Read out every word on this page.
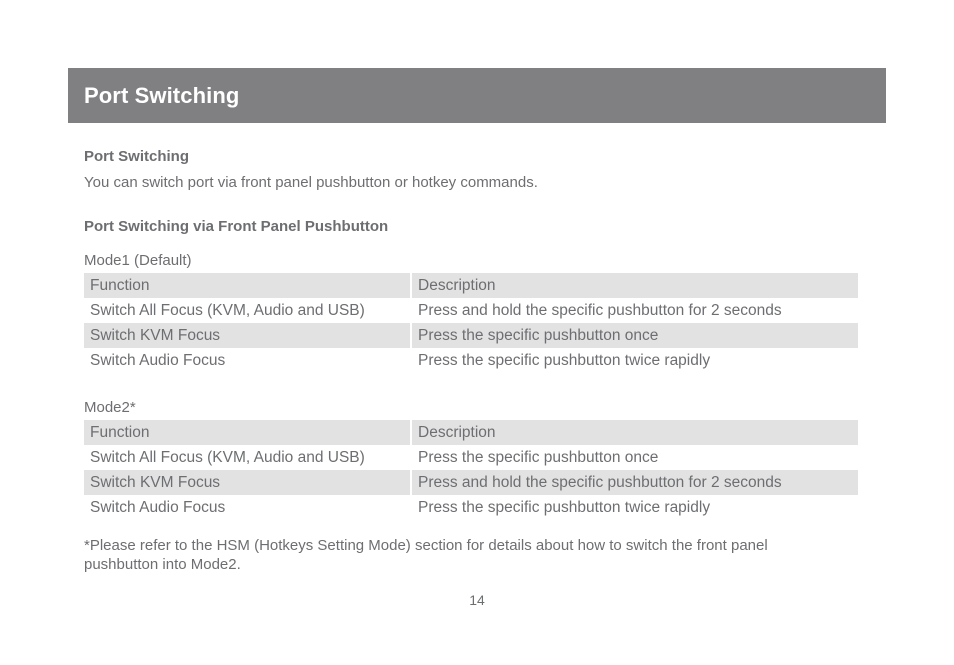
Port Switching
Port Switching
You can switch port via front panel pushbutton or hotkey commands.
Port Switching via Front Panel Pushbutton
Mode1 (Default)
Function	Description
Switch All Focus (KVM, Audio and USB)	Press and hold the specific pushbutton for 2 seconds
Switch KVM Focus	Press the specific pushbutton once
Switch Audio Focus	Press the specific pushbutton twice rapidly
Mode2*
Function	Description
Switch All Focus (KVM, Audio and USB)	Press the specific pushbutton once
Switch KVM Focus	Press and hold the specific pushbutton for 2 seconds
Switch Audio Focus	Press the specific pushbutton twice rapidly
*Please refer to the HSM (Hotkeys Setting Mode) section for details about how to switch the front panel pushbutton into Mode2.
14
